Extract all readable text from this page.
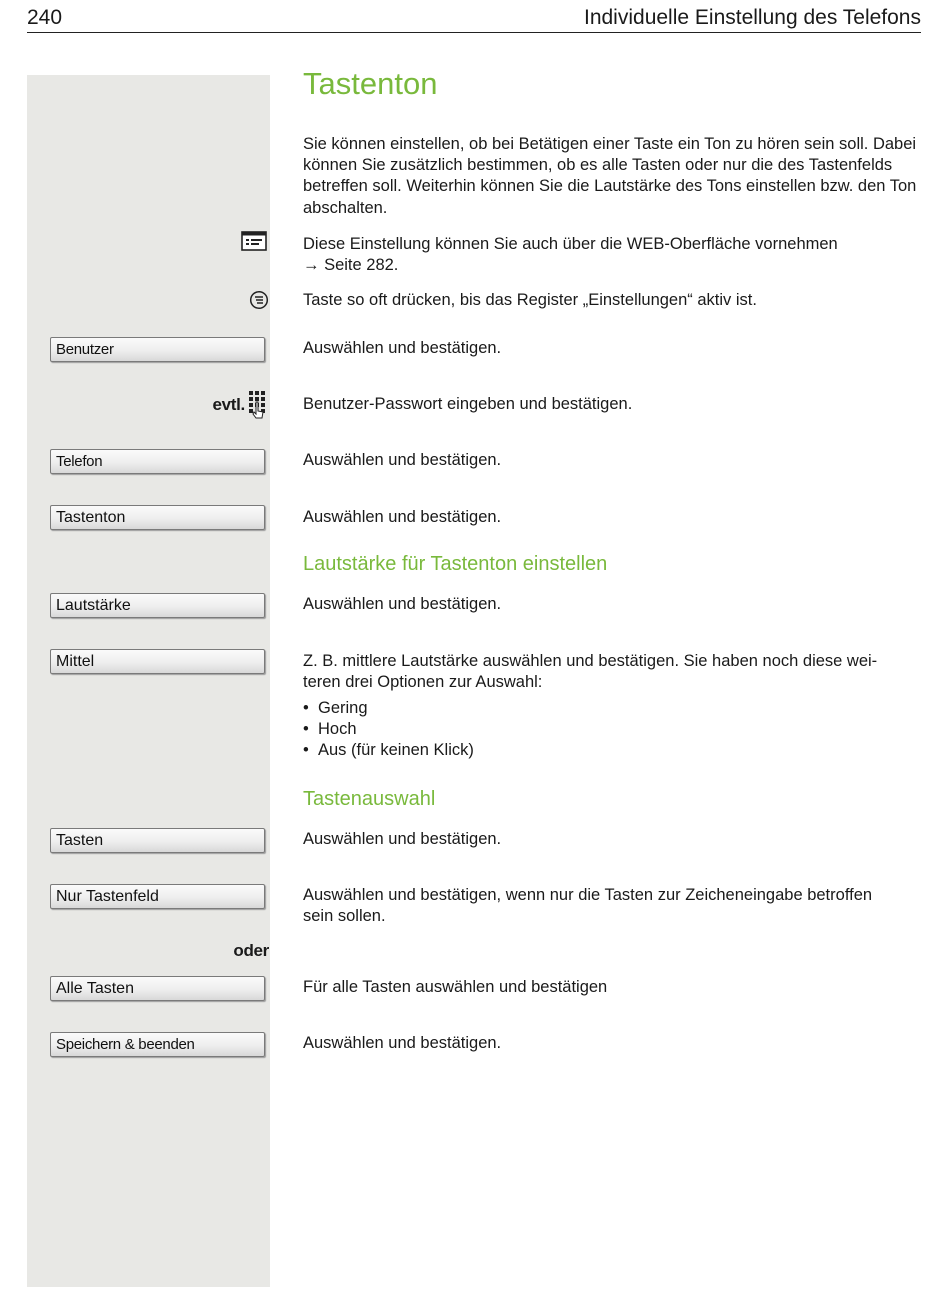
240	Individuelle Einstellung des Telefons
Tastenton
Sie können einstellen, ob bei Betätigen einer Taste ein Ton zu hören sein soll. Dabei können Sie zusätzlich bestimmen, ob es alle Tasten oder nur die des Tastenfelds betreffen soll. Weiterhin können Sie die Lautstärke des Tons einstellen bzw. den Ton abschalten.
Diese Einstellung können Sie auch über die WEB-Oberfläche vornehmen
→ Seite 282.
Taste so oft drücken, bis das Register „Einstellungen“ aktiv ist.
Benutzer	Auswählen und bestätigen.
evtl.	Benutzer-Passwort eingeben und bestätigen.
Telefon	Auswählen und bestätigen.
Tastenton	Auswählen und bestätigen.
Lautstärke für Tastenton einstellen
Lautstärke	Auswählen und bestätigen.
Mittel	Z. B. mittlere Lautstärke auswählen und bestätigen. Sie haben noch diese wei-
teren drei Optionen zur Auswahl:
• Gering
• Hoch
• Aus (für keinen Klick)
Tastenauswahl
Tasten	Auswählen und bestätigen.
Nur Tastenfeld	Auswählen und bestätigen, wenn nur die Tasten zur Zeicheneingabe betroffen
sein sollen.
oder
Alle Tasten	Für alle Tasten auswählen und bestätigen
Speichern & beenden	Auswählen und bestätigen.
